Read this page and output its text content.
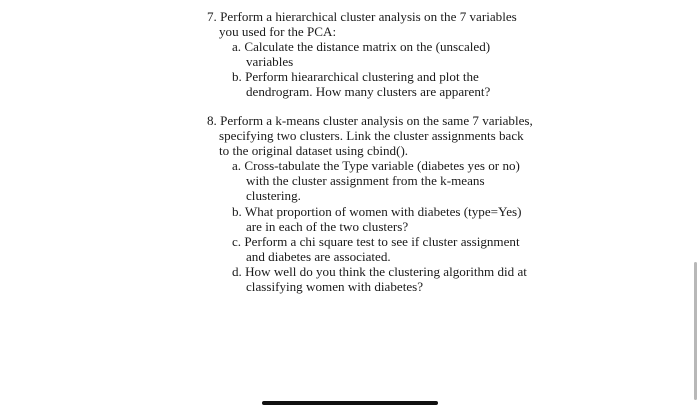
7. Perform a hierarchical cluster analysis on the 7 variables

you used for the PCA:

a. Calculate the distance matrix on the (unscaled)

variables

b. Perform hieararchical clustering and plot the

dendrogram. How many clusters are apparent?

8. Perform a k-means cluster analysis on the same 7 variables,

specifying two clusters. Link the cluster assignments back

to the original dataset using cbind().

a. Cross-tabulate the Type variable (diabetes yes or no)

with the cluster assignment from the k-means

clustering.

b. What proportion of women with diabetes (type=Yes)

are in each of the two clusters?

c. Perform a chi square test to see if cluster assignment

and diabetes are associated.

d. How well do you think the clustering algorithm did at

classifying women with diabetes?
